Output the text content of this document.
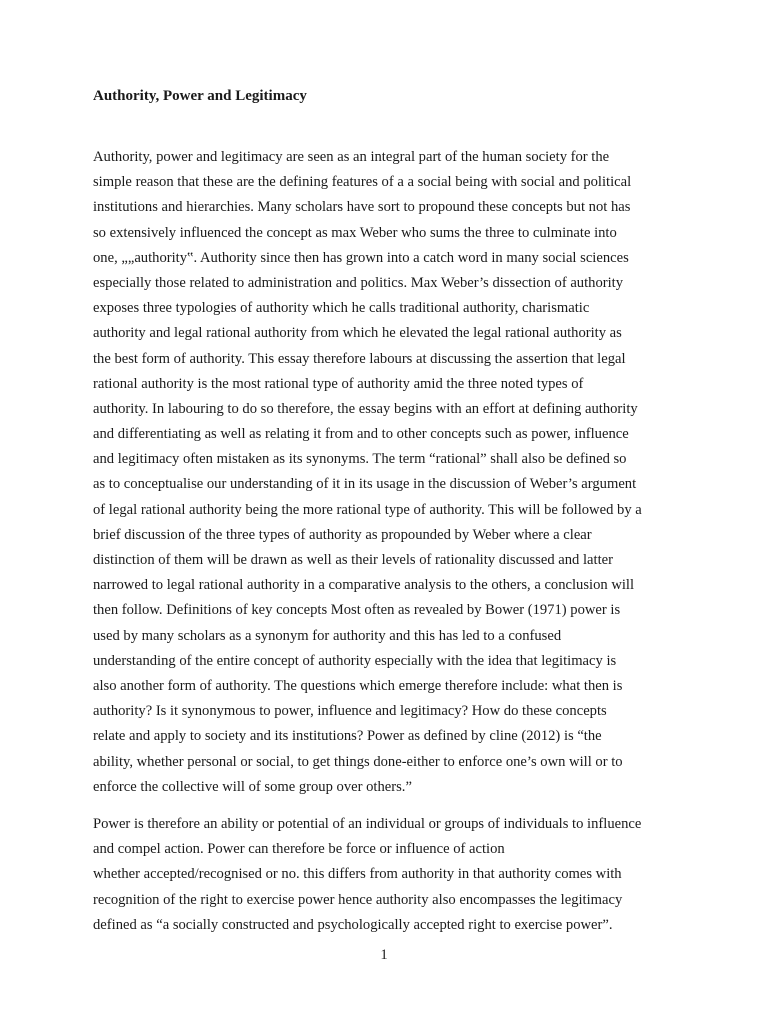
Authority, Power and Legitimacy

Authority, power and legitimacy are seen as an integral part of the human society for the
simple reason that these are the defining features of a a social being with social and political
institutions and hierarchies. Many scholars have sort to propound these concepts but not has
so extensively influenced the concept as max Weber who sums the three to culminate into
one, „„authority‟. Authority since then has grown into a catch word in many social sciences
especially those related to administration and politics. Max Weber’s dissection of authority
exposes three typologies of authority which he calls traditional authority, charismatic
authority and legal rational authority from which he elevated the legal rational authority as
the best form of authority. This essay therefore labours at discussing the assertion that legal
rational authority is the most rational type of authority amid the three noted types of
authority. In labouring to do so therefore, the essay begins with an effort at defining authority
and differentiating as well as relating it from and to other concepts such as power, influence
and legitimacy often mistaken as its synonyms. The term “rational” shall also be defined so
as to conceptualise our understanding of it in its usage in the discussion of Weber’s argument
of legal rational authority being the more rational type of authority. This will be followed by a
brief discussion of the three types of authority as propounded by Weber where a clear
distinction of them will be drawn as well as their levels of rationality discussed and latter
narrowed to legal rational authority in a comparative analysis to the others, a conclusion will
then follow. Definitions of key concepts Most often as revealed by Bower (1971) power is
used by many scholars as a synonym for authority and this has led to a confused
understanding of the entire concept of authority especially with the idea that legitimacy is
also another form of authority. The questions which emerge therefore include: what then is
authority? Is it synonymous to power, influence and legitimacy? How do these concepts
relate and apply to society and its institutions? Power as defined by cline (2012) is “the
ability, whether personal or social, to get things done-either to enforce one’s own will or to
enforce the collective will of some group over others.”

Power is therefore an ability or potential of an individual or groups of individuals to influence
and compel action. Power can therefore be force or influence of action
whether accepted/recognised or no. this differs from authority in that authority comes with
recognition of the right to exercise power hence authority also encompasses the legitimacy
defined as “a socially constructed and psychologically accepted right to exercise power”.

1
